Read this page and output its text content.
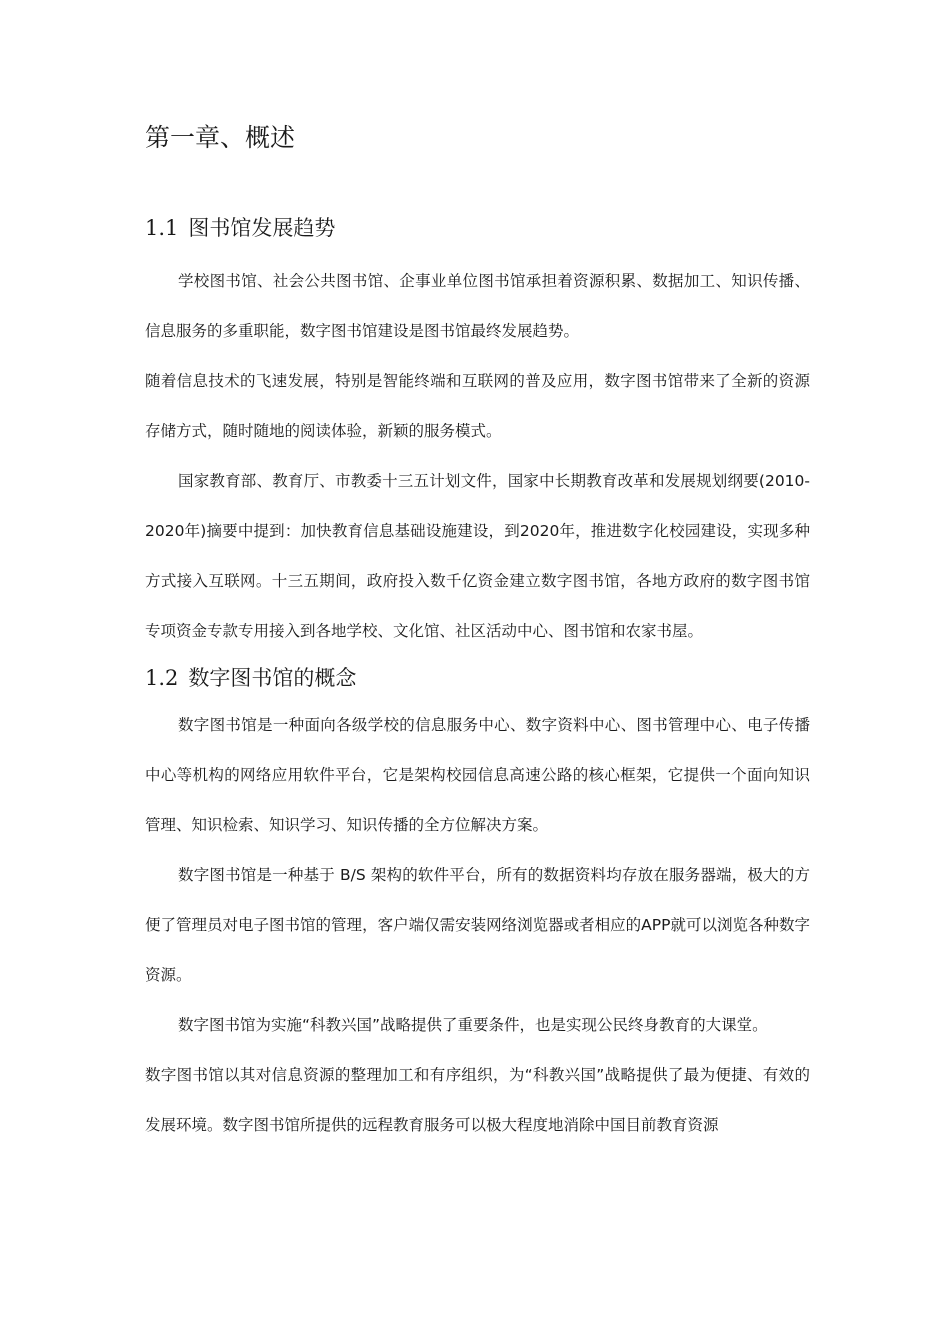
第一章、概述
1.1 图书馆发展趋势

学校图书馆、社会公共图书馆、企事业单位图书馆承担着资源积累、数据加工、知识传播、信息服务的多重职能，数字图书馆建设是图书馆最终发展趋势。

随着信息技术的飞速发展，特别是智能终端和互联网的普及应用，数字图书馆带来了全新的资源存储方式，随时随地的阅读体验，新颖的服务模式。

国家教育部、教育厅、市教委十三五计划文件，国家中长期教育改革和发展规划纲要(2010-2020年)摘要中提到：加快教育信息基础设施建设，到2020年，推进数字化校园建设，实现多种方式接入互联网。十三五期间，政府投入数千亿资金建立数字图书馆，各地方政府的数字图书馆专项资金专款专用接入到各地学校、文化馆、社区活动中心、图书馆和农家书屋。

1.2 数字图书馆的概念

数字图书馆是一种面向各级学校的信息服务中心、数字资料中心、图书管理中心、电子传播中心等机构的网络应用软件平台，它是架构校园信息高速公路的核心框架，它提供一个面向知识管理、知识检索、知识学习、知识传播的全方位解决方案。

数字图书馆是一种基于 B/S 架构的软件平台，所有的数据资料均存放在服务器端，极大的方便了管理员对电子图书馆的管理，客户端仅需安装网络浏览器或者相应的APP就可以浏览各种数字资源。

数字图书馆为实施“科教兴国”战略提供了重要条件，也是实现公民终身教育的大课堂。

数字图书馆以其对信息资源的整理加工和有序组织，为“科教兴国”战略提供了最为便捷、有效的发展环境。数字图书馆所提供的远程教育服务可以极大程度地消除中国目前教育资源
